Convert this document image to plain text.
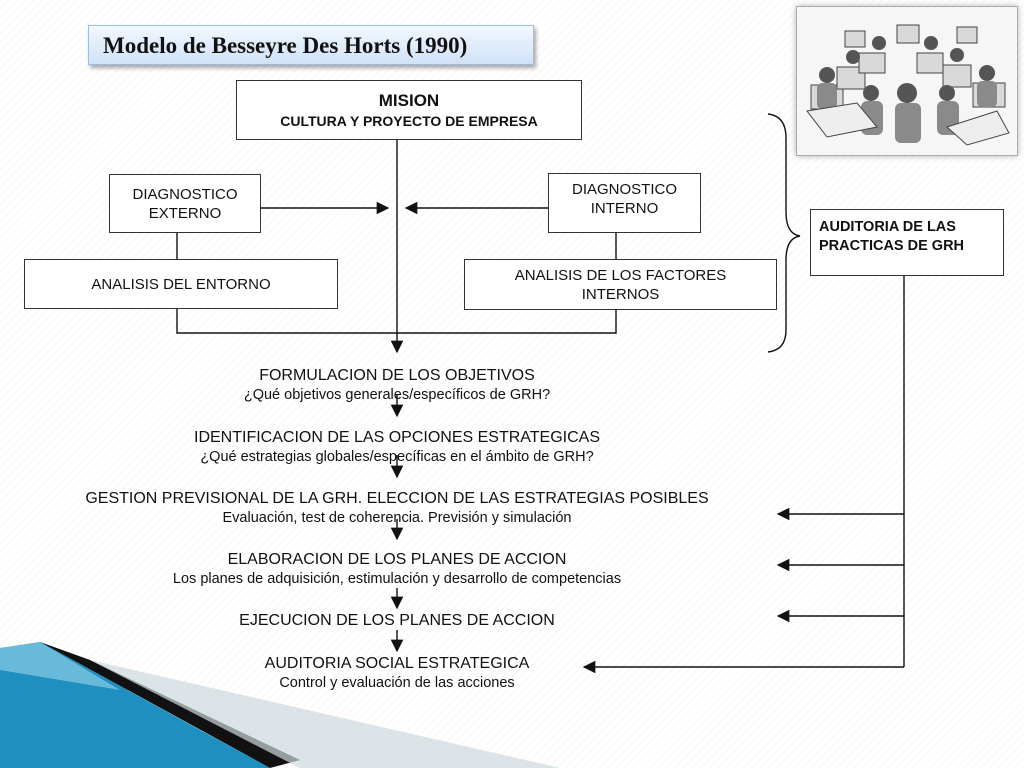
Modelo de Besseyre Des Horts (1990)
MISION
CULTURA Y PROYECTO DE EMPRESA
DIAGNOSTICO
EXTERNO
DIAGNOSTICO
INTERNO
ANALISIS DEL ENTORNO	ANALISIS DE LOS FACTORES
INTERNOS
AUDITORIA DE LAS
PRACTICAS DE GRH
FORMULACION DE LOS OBJETIVOS
¿Qué objetivos generales/específicos de GRH?
IDENTIFICACION DE LAS OPCIONES ESTRATEGICAS
¿Qué estrategias globales/específicas en el ámbito de GRH?
GESTION PREVISIONAL DE LA GRH. ELECCION DE LAS ESTRATEGIAS POSIBLES
Evaluación, test de coherencia. Previsión y simulación
ELABORACION DE LOS PLANES DE ACCION
Los planes de adquisición, estimulación y desarrollo de competencias
EJECUCION DE LOS PLANES DE ACCION
AUDITORIA SOCIAL ESTRATEGICA
Control y evaluación de las acciones
